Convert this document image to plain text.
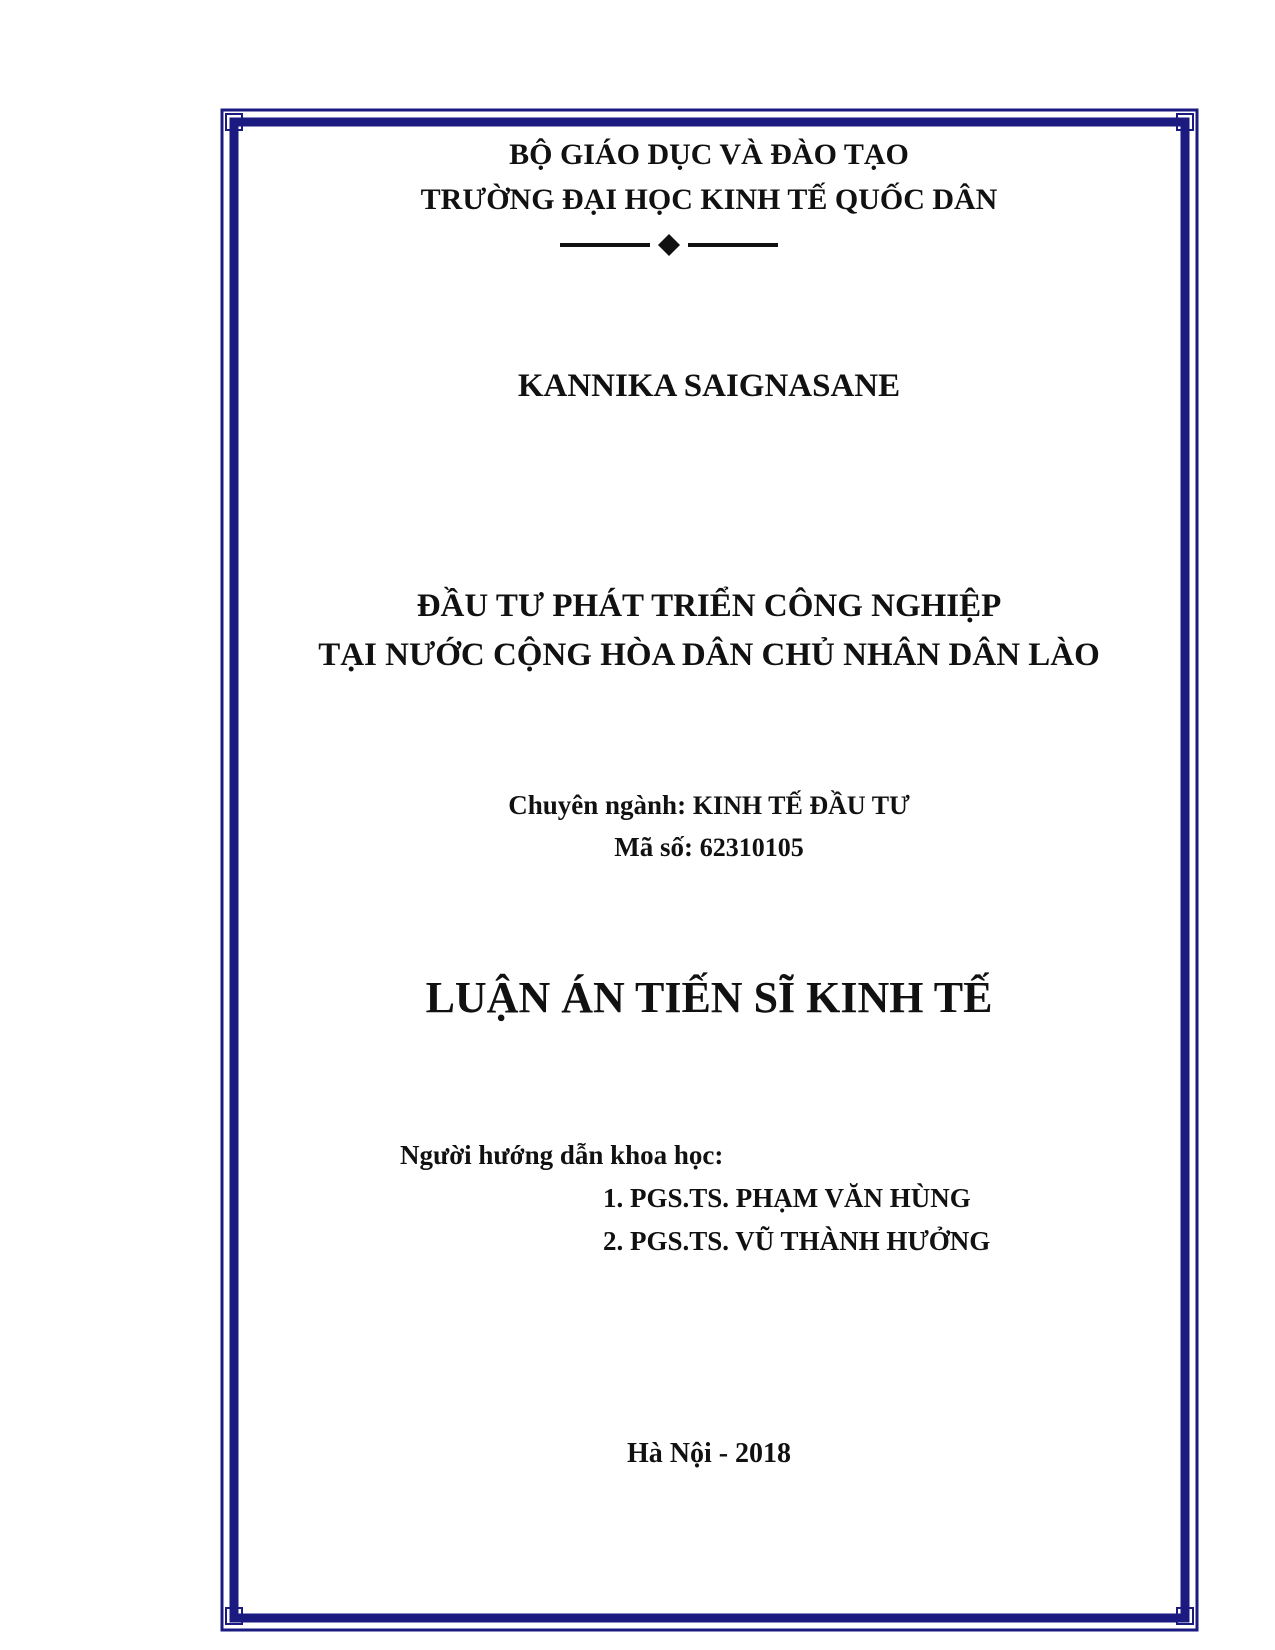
BỘ GIÁO DỤC VÀ ĐÀO TẠO
TRƯỜNG ĐẠI HỌC KINH TẾ QUỐC DÂN
KANNIKA SAIGNASANE
ĐẦU TƯ PHÁT TRIỂN CÔNG NGHIỆP
TẠI NƯỚC CỘNG HÒA DÂN CHỦ NHÂN DÂN LÀO
Chuyên ngành: KINH TẾ ĐẦU TƯ
Mã số: 62310105
LUẬN ÁN TIẾN SĨ KINH TẾ
Người hướng dẫn khoa học:
1. PGS.TS. PHẠM VĂN HÙNG
2. PGS.TS. VŨ THÀNH HƯỞNG
Hà Nội - 2018
